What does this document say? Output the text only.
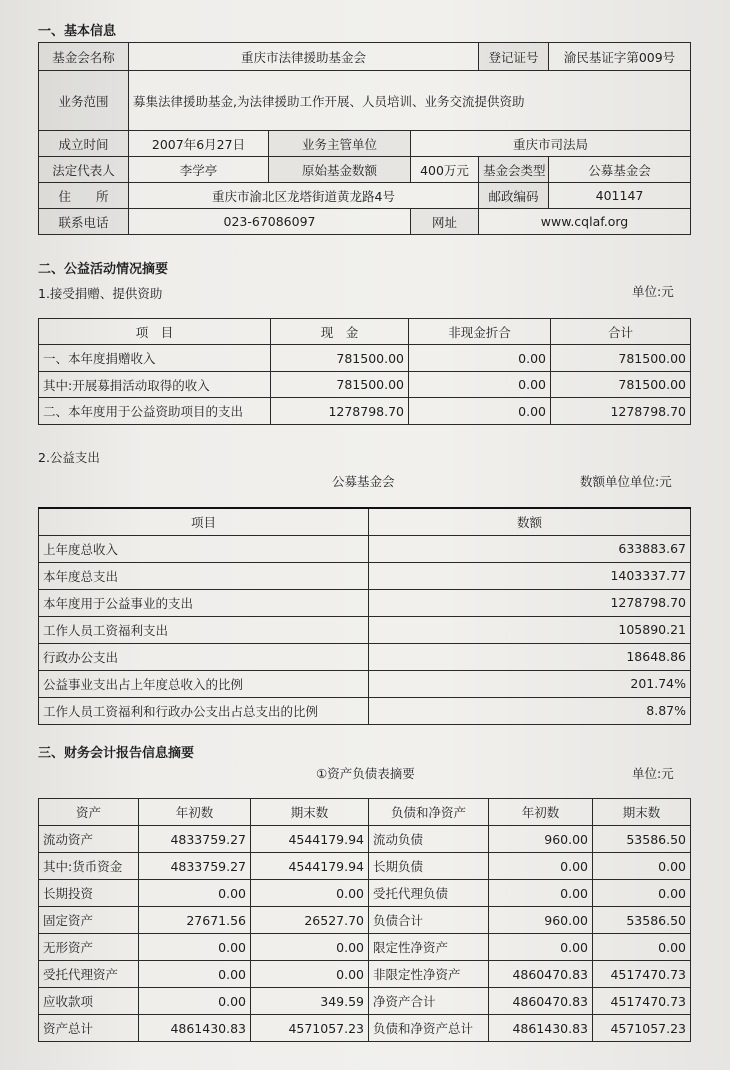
一、基本信息
基金会名称	重庆市法律援助基金会			登记证号	渝民基证字第009号
业务范围	募集法律援助基金,为法律援助工作开展、人员培训、业务交流提供资助				
成立时间	2007年6月27日	业务主管单位	重庆市司法局		
法定代表人	李学亭	原始基金数额	400万元	基金会类型	公募基金会
住　　所	重庆市渝北区龙塔街道黄龙路4号			邮政编码	401147
联系电话	023-67086097		网址	www.cqlaf.org	
二、公益活动情况摘要
1.接受捐赠、提供资助	单位:元
项　目	现　金	非现金折合	合计
一、本年度捐赠收入	781500.00	0.00	781500.00
其中:开展募捐活动取得的收入	781500.00	0.00	781500.00
二、本年度用于公益资助项目的支出	1278798.70	0.00	1278798.70
2.公益支出
公募基金会	数额单位单位:元
项目	数额
上年度总收入	633883.67
本年度总支出	1403337.77
本年度用于公益事业的支出	1278798.70
工作人员工资福利支出	105890.21
行政办公支出	18648.86
公益事业支出占上年度总收入的比例	201.74%
工作人员工资福利和行政办公支出占总支出的比例	8.87%
三、财务会计报告信息摘要
①资产负债表摘要	单位:元
资产	年初数	期末数	负债和净资产	年初数	期末数
流动资产	4833759.27	4544179.94	流动负债	960.00	53586.50
其中:货币资金	4833759.27	4544179.94	长期负债	0.00	0.00
长期投资	0.00	0.00	受托代理负债	0.00	0.00
固定资产	27671.56	26527.70	负债合计	960.00	53586.50
无形资产	0.00	0.00	限定性净资产	0.00	0.00
受托代理资产	0.00	0.00	非限定性净资产	4860470.83	4517470.73
应收款项	0.00	349.59	净资产合计	4860470.83	4517470.73
资产总计	4861430.83	4571057.23	负债和净资产总计	4861430.83	4571057.23
